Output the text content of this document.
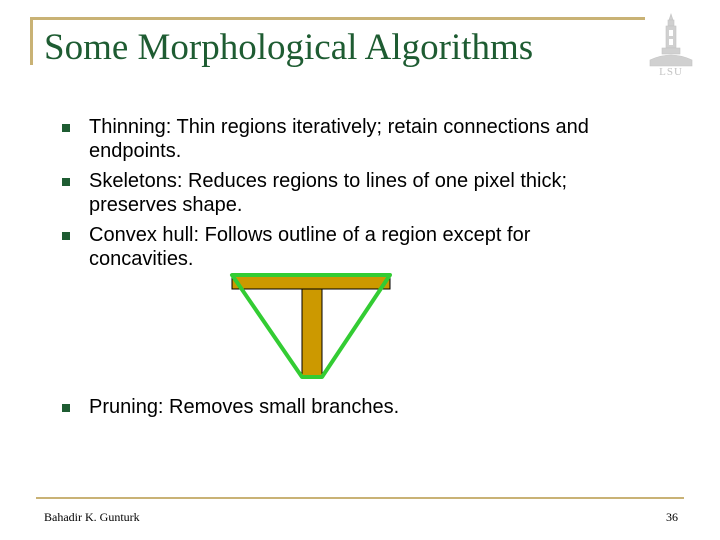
Some Morphological Algorithms
LSU
Thinning: Thin regions iteratively; retain connections and
endpoints.
Skeletons: Reduces regions to lines of one pixel thick;
preserves shape.
Convex hull: Follows outline of a region except for
concavities.
Pruning: Removes small branches.
Bahadir K. Gunturk	36
